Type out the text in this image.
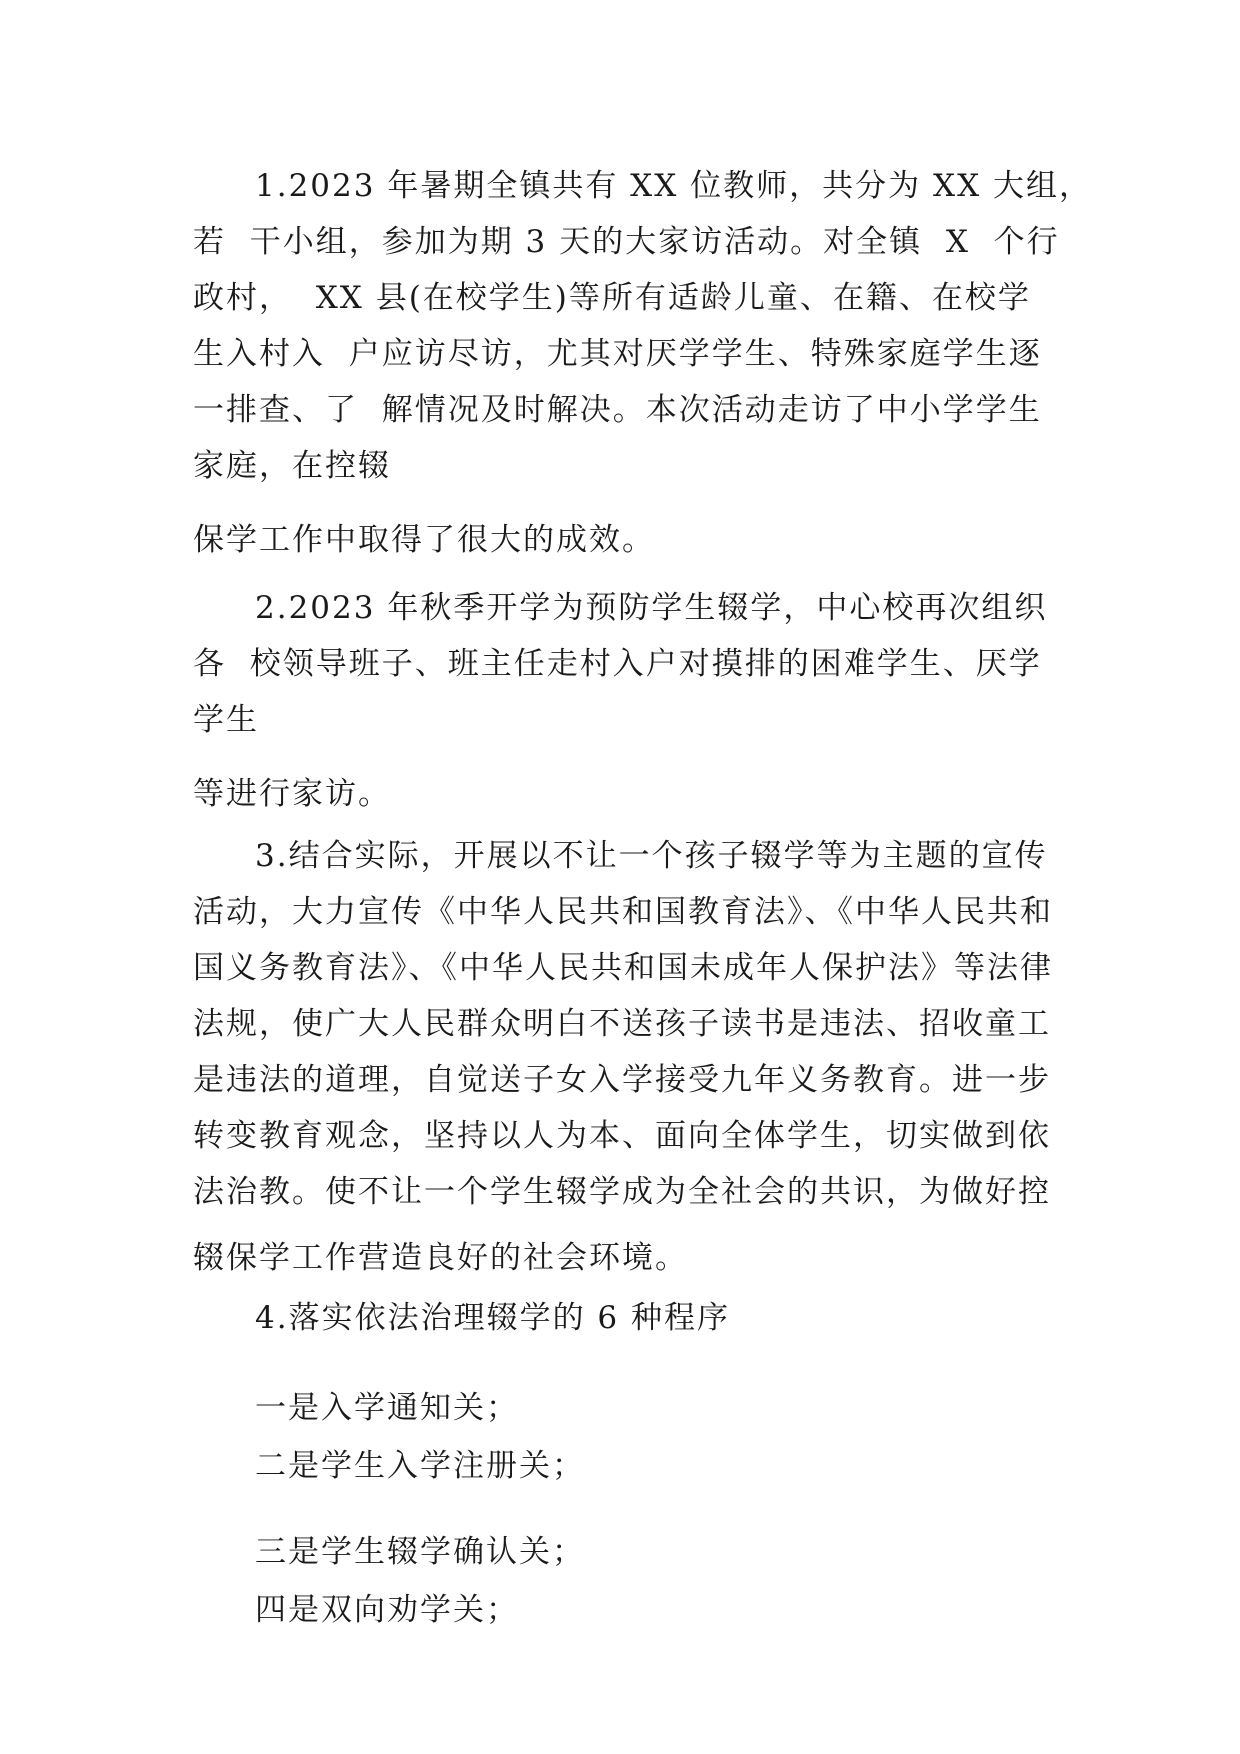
1.2023 年暑期全镇共有 XX 位教师，共分为 XX 大组，
若  干小组，参加为期 3 天的大家访活动。对全镇  X  个行
政村，  XX 县(在校学生)等所有适龄儿童、在籍、在校学
生入村入  户应访尽访，尤其对厌学学生、特殊家庭学生逐
一排查、了  解情况及时解决。本次活动走访了中小学学生
家庭，在控辍
保学工作中取得了很大的成效。
2.2023 年秋季开学为预防学生辍学，中心校再次组织
各  校领导班子、班主任走村入户对摸排的困难学生、厌学
学生
等进行家访。
3.结合实际，开展以不让一个孩子辍学等为主题的宣传
活动，大力宣传《中华人民共和国教育法》、《中华人民共和
国义务教育法》、《中华人民共和国未成年人保护法》等法律
法规，使广大人民群众明白不送孩子读书是违法、招收童工
是违法的道理，自觉送子女入学接受九年义务教育。进一步
转变教育观念，坚持以人为本、面向全体学生，切实做到依
法治教。使不让一个学生辍学成为全社会的共识，为做好控
辍保学工作营造良好的社会环境。
4.落实依法治理辍学的 6 种程序
一是入学通知关；
二是学生入学注册关；
三是学生辍学确认关；
四是双向劝学关；
